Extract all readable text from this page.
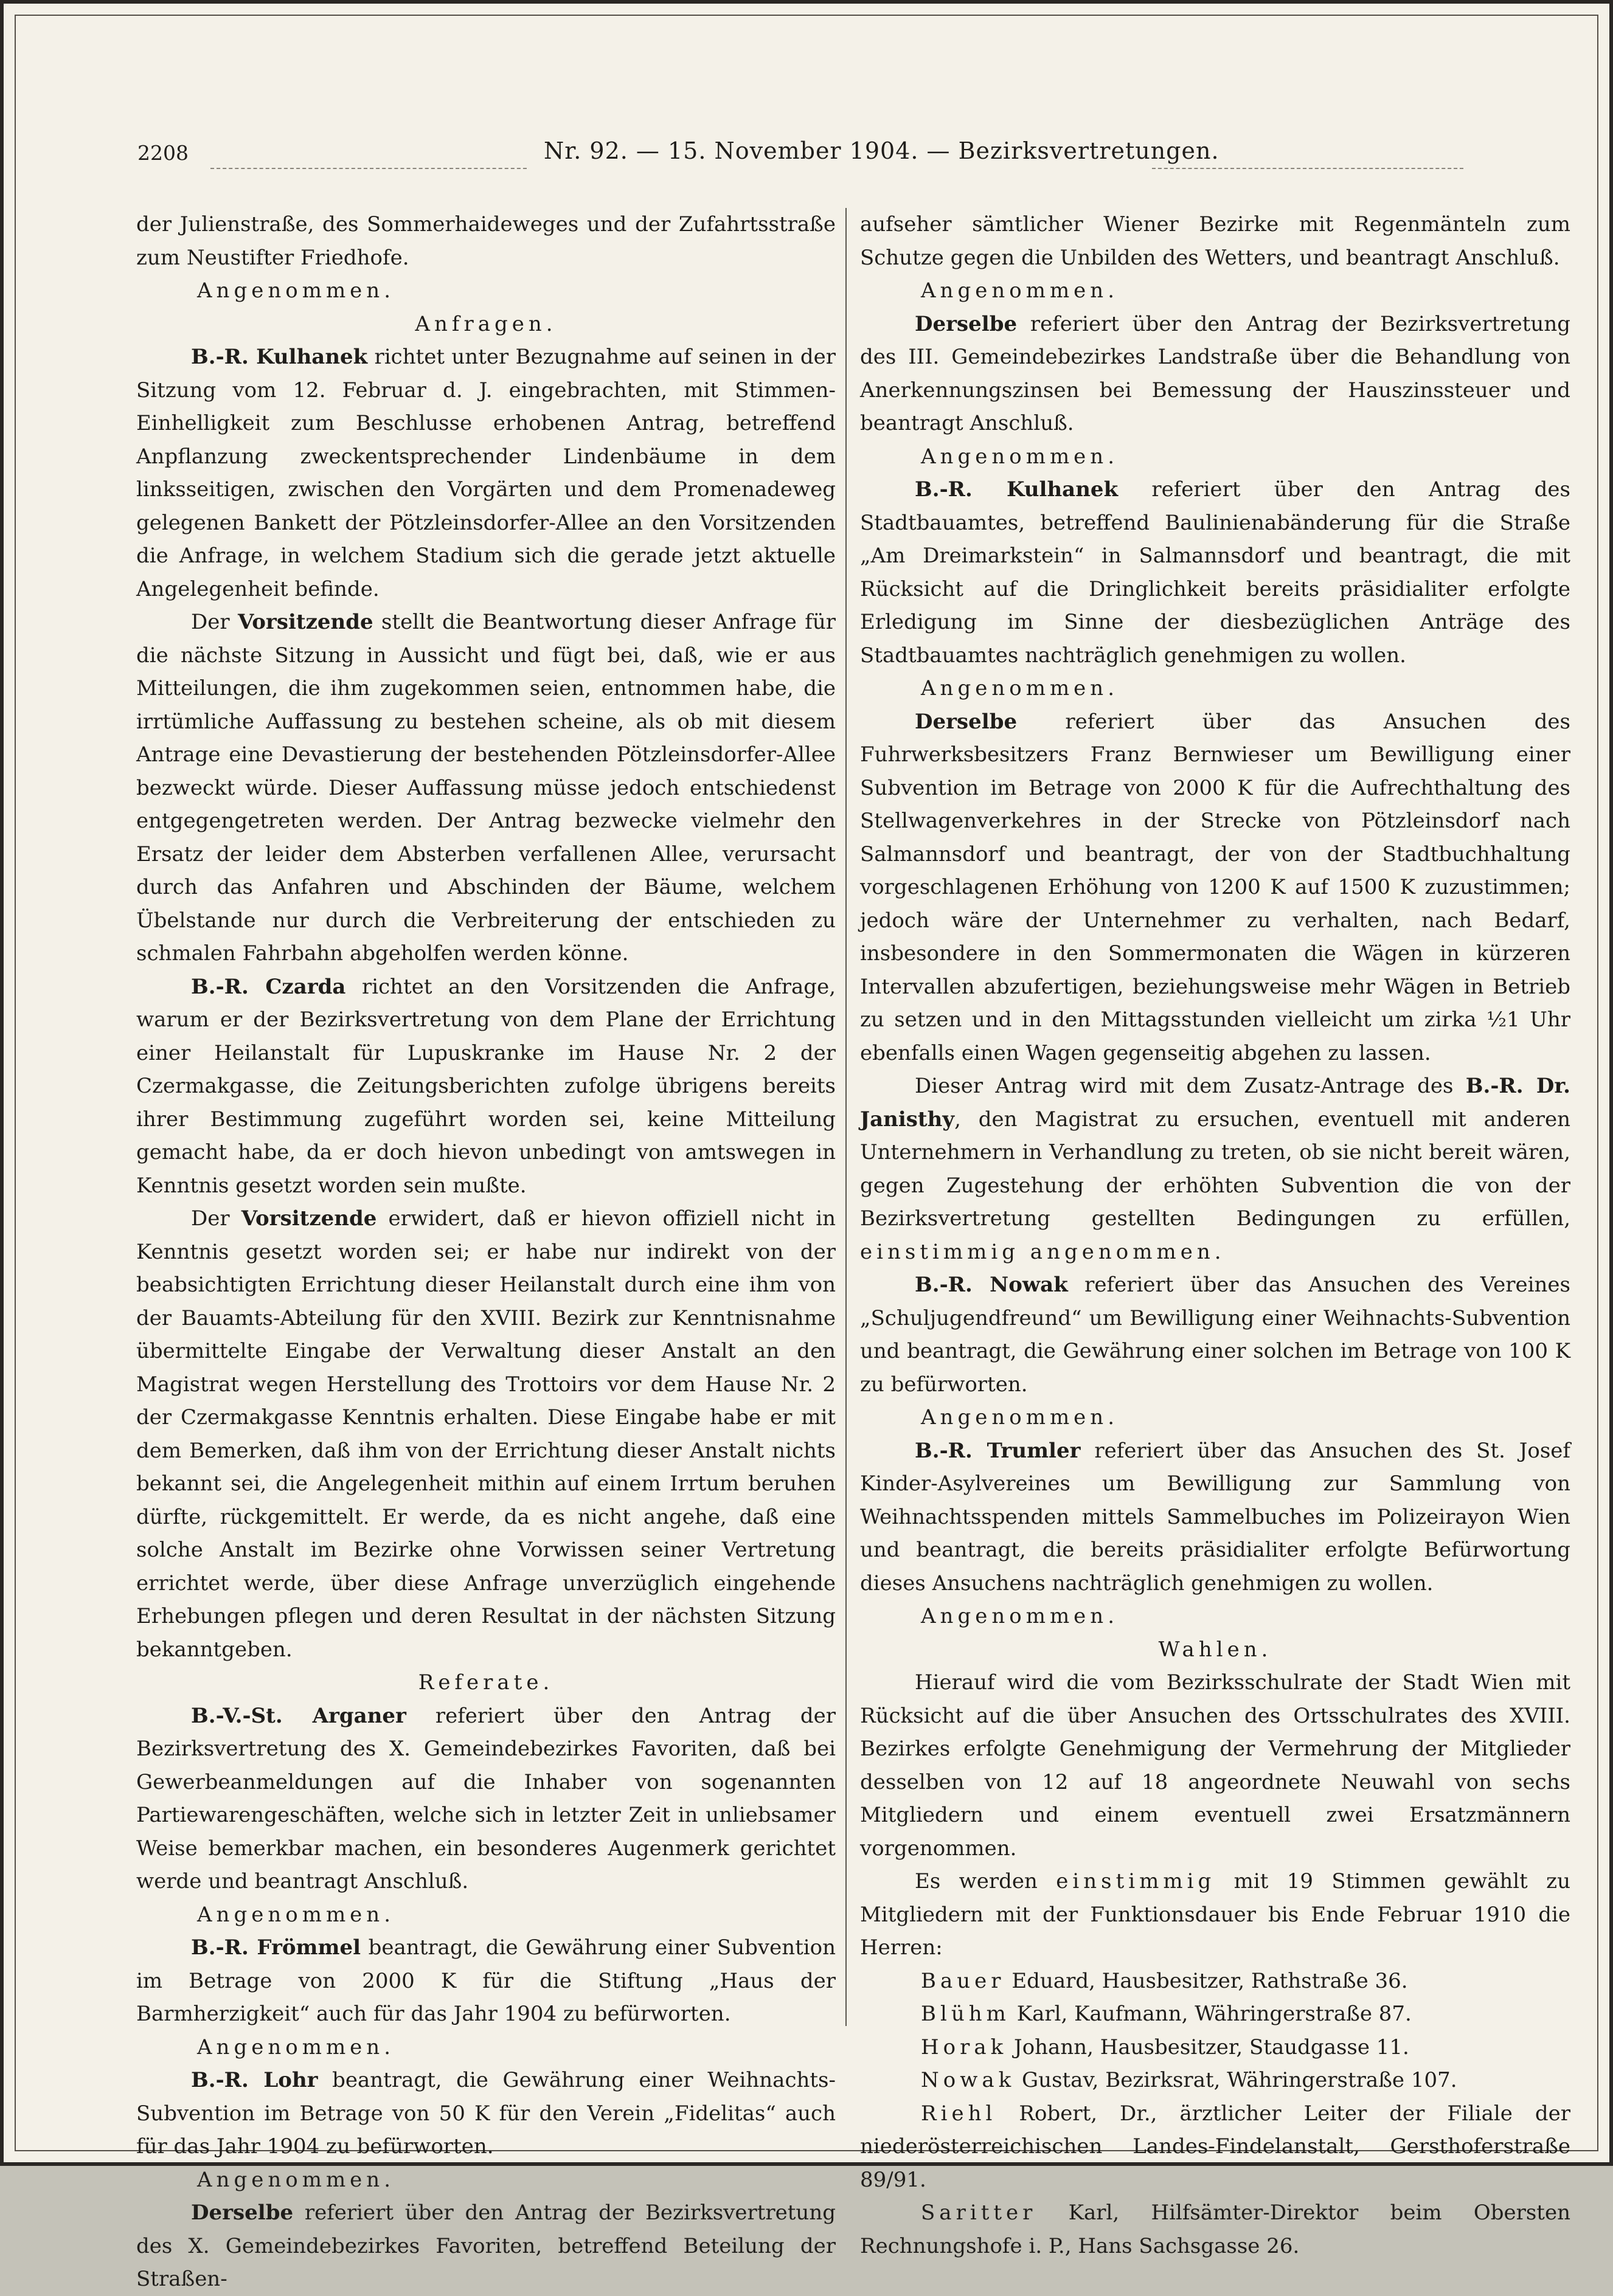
2208	Nr. 92. — 15. November 1904. — Bezirksvertretungen.

der Julienstraße, des Sommerhaideweges und der Zufahrtsstraße zum Neustifter Friedhofe.

Angenommen.

Anfragen.

B.-R. Kulhanek richtet unter Bezugnahme auf seinen in der Sitzung vom 12. Februar d. J. eingebrachten, mit Stimmen-Einhelligkeit zum Beschlusse erhobenen Antrag, betreffend Anpflanzung zweckentsprechender Lindenbäume in dem linksseitigen, zwischen den Vorgärten und dem Promenadeweg gelegenen Bankett der Pötzleinsdorfer-Allee an den Vorsitzenden die Anfrage, in welchem Stadium sich die gerade jetzt aktuelle Angelegenheit befinde.

Der Vorsitzende stellt die Beantwortung dieser Anfrage für die nächste Sitzung in Aussicht und fügt bei, daß, wie er aus Mitteilungen, die ihm zugekommen seien, entnommen habe, die irrtümliche Auffassung zu bestehen scheine, als ob mit diesem Antrage eine Devastierung der bestehenden Pötzleinsdorfer-Allee bezweckt würde. Dieser Auffassung müsse jedoch entschiedenst entgegengetreten werden. Der Antrag bezwecke vielmehr den Ersatz der leider dem Absterben verfallenen Allee, verursacht durch das Anfahren und Abschinden der Bäume, welchem Übelstande nur durch die Verbreiterung der entschieden zu schmalen Fahrbahn abgeholfen werden könne.

B.-R. Czarda richtet an den Vorsitzenden die Anfrage, warum er der Bezirksvertretung von dem Plane der Errichtung einer Heilanstalt für Lupuskranke im Hause Nr. 2 der Czermakgasse, die Zeitungsberichten zufolge übrigens bereits ihrer Bestimmung zugeführt worden sei, keine Mitteilung gemacht habe, da er doch hievon unbedingt von amtswegen in Kenntnis gesetzt worden sein mußte.

Der Vorsitzende erwidert, daß er hievon offiziell nicht in Kenntnis gesetzt worden sei; er habe nur indirekt von der beabsichtigten Errichtung dieser Heilanstalt durch eine ihm von der Bauamts-Abteilung für den XVIII. Bezirk zur Kenntnisnahme übermittelte Eingabe der Verwaltung dieser Anstalt an den Magistrat wegen Herstellung des Trottoirs vor dem Hause Nr. 2 der Czermakgasse Kenntnis erhalten. Diese Eingabe habe er mit dem Bemerken, daß ihm von der Errichtung dieser Anstalt nichts bekannt sei, die Angelegenheit mithin auf einem Irrtum beruhen dürfte, rückgemittelt. Er werde, da es nicht angehe, daß eine solche Anstalt im Bezirke ohne Vorwissen seiner Vertretung errichtet werde, über diese Anfrage unverzüglich eingehende Erhebungen pflegen und deren Resultat in der nächsten Sitzung bekanntgeben.

Referate.

B.-V.-St. Arganer referiert über den Antrag der Bezirksvertretung des X. Gemeindebezirkes Favoriten, daß bei Gewerbeanmeldungen auf die Inhaber von sogenannten Partiewarengeschäften, welche sich in letzter Zeit in unliebsamer Weise bemerkbar machen, ein besonderes Augenmerk gerichtet werde und beantragt Anschluß.

Angenommen.

B.-R. Frömmel beantragt, die Gewährung einer Subvention im Betrage von 2000 K für die Stiftung „Haus der Barmherzigkeit“ auch für das Jahr 1904 zu befürworten.

Angenommen.

B.-R. Lohr beantragt, die Gewährung einer Weihnachts-Subvention im Betrage von 50 K für den Verein „Fidelitas“ auch für das Jahr 1904 zu befürworten.

Angenommen.

Derselbe referiert über den Antrag der Bezirksvertretung des X. Gemeindebezirkes Favoriten, betreffend Beteilung der Straßen-

aufseher sämtlicher Wiener Bezirke mit Regenmänteln zum Schutze gegen die Unbilden des Wetters, und beantragt Anschluß.

Angenommen.

Derselbe referiert über den Antrag der Bezirksvertretung des III. Gemeindebezirkes Landstraße über die Behandlung von Anerkennungszinsen bei Bemessung der Hauszinssteuer und beantragt Anschluß.

Angenommen.

B.-R. Kulhanek referiert über den Antrag des Stadtbauamtes, betreffend Baulinienabänderung für die Straße „Am Dreimarkstein“ in Salmannsdorf und beantragt, die mit Rücksicht auf die Dringlichkeit bereits präsidialiter erfolgte Erledigung im Sinne der diesbezüglichen Anträge des Stadtbauamtes nachträglich genehmigen zu wollen.

Angenommen.

Derselbe referiert über das Ansuchen des Fuhrwerksbesitzers Franz Bernwieser um Bewilligung einer Subvention im Betrage von 2000 K für die Aufrechthaltung des Stellwagenverkehres in der Strecke von Pötzleinsdorf nach Salmannsdorf und beantragt, der von der Stadtbuchhaltung vorgeschlagenen Erhöhung von 1200 K auf 1500 K zuzustimmen; jedoch wäre der Unternehmer zu verhalten, nach Bedarf, insbesondere in den Sommermonaten die Wägen in kürzeren Intervallen abzufertigen, beziehungsweise mehr Wägen in Betrieb zu setzen und in den Mittagsstunden vielleicht um zirka ½1 Uhr ebenfalls einen Wagen gegenseitig abgehen zu lassen.

Dieser Antrag wird mit dem Zusatz-Antrage des B.-R. Dr. Janisthy, den Magistrat zu ersuchen, eventuell mit anderen Unternehmern in Verhandlung zu treten, ob sie nicht bereit wären, gegen Zugestehung der erhöhten Subvention die von der Bezirksvertretung gestellten Bedingungen zu erfüllen, einstimmig angenommen.

B.-R. Nowak referiert über das Ansuchen des Vereines „Schuljugendfreund“ um Bewilligung einer Weihnachts-Subvention und beantragt, die Gewährung einer solchen im Betrage von 100 K zu befürworten.

Angenommen.

B.-R. Trumler referiert über das Ansuchen des St. Josef Kinder-Asylvereines um Bewilligung zur Sammlung von Weihnachtsspenden mittels Sammelbuches im Polizeirayon Wien und beantragt, die bereits präsidialiter erfolgte Befürwortung dieses Ansuchens nachträglich genehmigen zu wollen.

Angenommen.

Wahlen.

Hierauf wird die vom Bezirksschulrate der Stadt Wien mit Rücksicht auf die über Ansuchen des Ortsschulrates des XVIII. Bezirkes erfolgte Genehmigung der Vermehrung der Mitglieder desselben von 12 auf 18 angeordnete Neuwahl von sechs Mitgliedern und einem eventuell zwei Ersatzmännern vorgenommen.

Es werden einstimmig mit 19 Stimmen gewählt zu Mitgliedern mit der Funktionsdauer bis Ende Februar 1910 die Herren:

Bauer Eduard, Hausbesitzer, Rathstraße 36.

Blühm Karl, Kaufmann, Währingerstraße 87.

Horak Johann, Hausbesitzer, Staudgasse 11.

Nowak Gustav, Bezirksrat, Währingerstraße 107.

Riehl Robert, Dr., ärztlicher Leiter der Filiale der niederösterreichischen Landes-Findelanstalt, Gersthoferstraße 89/91.

Saritter Karl, Hilfsämter-Direktor beim Obersten Rechnungshofe i. P., Hans Sachsgasse 26.
